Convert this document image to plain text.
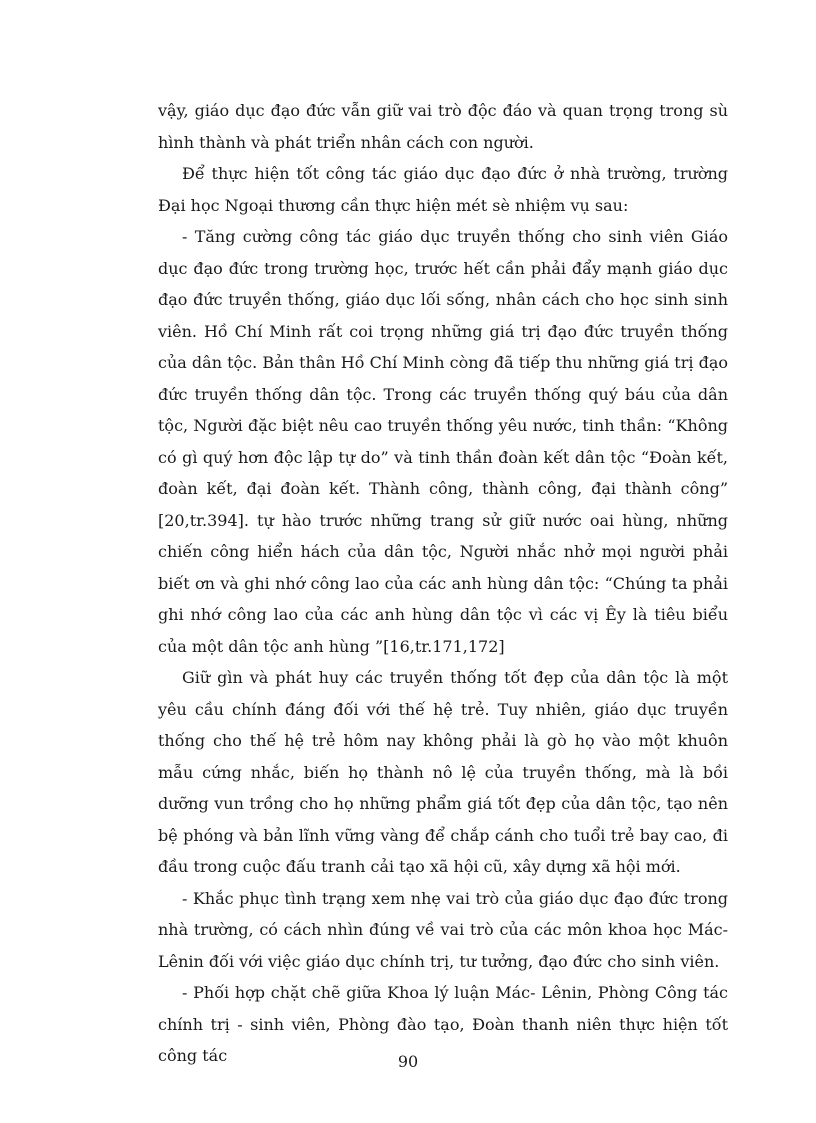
vậy, giáo dục đạo đức vẫn giữ vai trò độc đáo và quan trọng trong sù hình thành và phát triển nhân cách con người.

Để thực hiện tốt công tác giáo dục đạo đức ở nhà trường, trường Đại học Ngoại thương cần thực hiện mét sè nhiệm vụ sau:

- Tăng cường công tác giáo dục truyền thống cho sinh viên Giáo dục đạo đức trong trường học, trước hết cần phải đẩy mạnh giáo dục đạo đức truyền thống, giáo dục lối sống, nhân cách cho học sinh sinh viên. Hồ Chí Minh rất coi trọng những giá trị đạo đức truyền thống của dân tộc. Bản thân Hồ Chí Minh còng đã tiếp thu những giá trị đạo đức truyền thống dân tộc. Trong các truyền thống quý báu của dân tộc, Người đặc biệt nêu cao truyền thống yêu nước, tinh thần: “Không có gì quý hơn độc lập tự do” và tinh thần đoàn kết dân tộc “Đoàn kết, đoàn kết, đại đoàn kết. Thành công, thành công, đại thành công” [20,tr.394]. tự hào trước những trang sử giữ nước oai hùng, những chiến công hiển hách của dân tộc, Người nhắc nhở mọi người phải biết ơn và ghi nhớ công lao của các anh hùng dân tộc: “Chúng ta phải ghi nhớ công lao của các anh hùng dân tộc vì các vị Êy là tiêu biểu của một dân tộc anh hùng ”[16,tr.171,172]

Giữ gìn và phát huy các truyền thống tốt đẹp của dân tộc là một yêu cầu chính đáng đối với thế hệ trẻ. Tuy nhiên, giáo dục truyền thống cho thế hệ trẻ hôm nay không phải là gò họ vào một khuôn mẫu cứng nhắc, biến họ thành nô lệ của truyền thống, mà là bồi dưỡng vun trồng cho họ những phẩm giá tốt đẹp của dân tộc, tạo nên bệ phóng và bản lĩnh vững vàng để chắp cánh cho tuổi trẻ bay cao, đi đầu trong cuộc đấu tranh cải tạo xã hội cũ, xây dựng xã hội mới.

- Khắc phục tình trạng xem nhẹ vai trò của giáo dục đạo đức trong nhà trường, có cách nhìn đúng về vai trò của các môn khoa học Mác- Lênin đối với việc giáo dục chính trị, tư tưởng, đạo đức cho sinh viên.

- Phối hợp chặt chẽ giữa Khoa lý luận Mác- Lênin, Phòng Công tác chính trị - sinh viên, Phòng đào tạo, Đoàn thanh niên thực hiện tốt công tác	90
